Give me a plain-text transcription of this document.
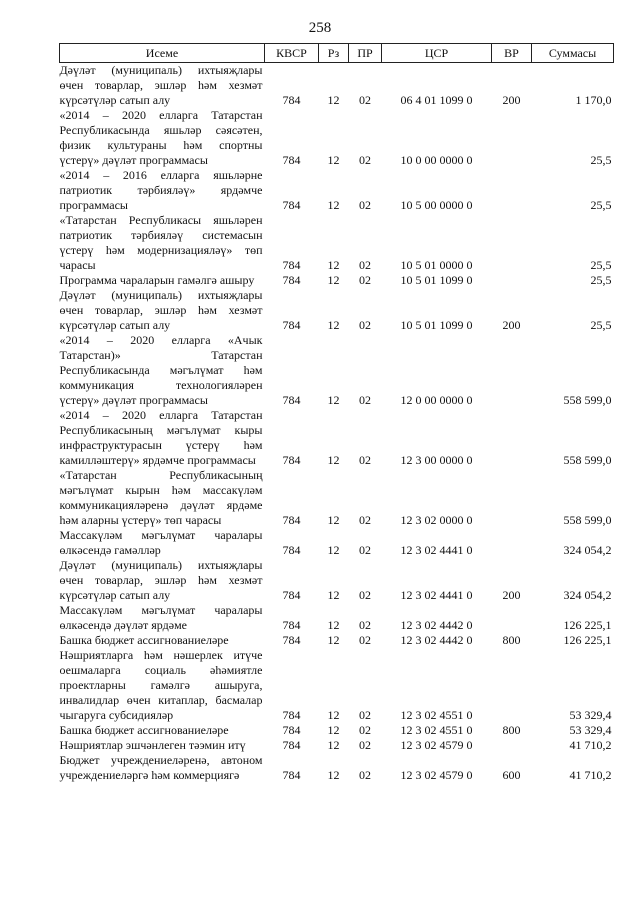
258
Исеме	КВСР	Рз	ПР	ЦСР	ВР	Суммасы
Дәүләт (муниципаль) ихтыяҗлары өчен товарлар, эшләр һәм хезмәт күрсәтүләр сатып алу	784	12	02	06 4 01 1099 0	200	1 170,0
«2014 – 2020 елларга Татарстан Республикасында яшьләр сәясәтен, физик культураны һәм спортны үстерү» дәүләт программасы	784	12	02	10 0 00 0000 0		25,5
«2014 – 2016 елларга яшьләрне патриотик тәрбияләү» ярдәмче программасы	784	12	02	10 5 00 0000 0		25,5
«Татарстан Республикасы яшьләрен патриотик тәрбияләү системасын үстерү һәм модернизацияләү» төп чарасы	784	12	02	10 5 01 0000 0		25,5
Программа чараларын гамәлгә ашыру	784	12	02	10 5 01 1099 0		25,5
Дәүләт (муниципаль) ихтыяҗлары өчен товарлар, эшләр һәм хезмәт күрсәтүләр сатып алу	784	12	02	10 5 01 1099 0	200	25,5
«2014 – 2020 елларга «Ачык Татарстан)» Татарстан Республикасында мәгълүмат һәм коммуникация технологияләрен үстерү» дәүләт программасы	784	12	02	12 0 00 0000 0		558 599,0
«2014 – 2020 елларга Татарстан Республикасының мәгълүмат кыры инфраструктурасын үстерү һәм камилләштерү» ярдәмче программасы	784	12	02	12 3 00 0000 0		558 599,0
«Татарстан Республикасының мәгълүмат кырын һәм массакүләм коммуникацияләренә дәүләт ярдәме һәм аларны үстерү» төп чарасы	784	12	02	12 3 02 0000 0		558 599,0
Массакүләм мәгълүмат чаралары өлкәсендә гамәлләр	784	12	02	12 3 02 4441 0		324 054,2
Дәүләт (муниципаль) ихтыяҗлары өчен товарлар, эшләр һәм хезмәт күрсәтүләр сатып алу	784	12	02	12 3 02 4441 0	200	324 054,2
Массакүләм мәгълүмат чаралары өлкәсендә дәүләт ярдәме	784	12	02	12 3 02 4442 0		126 225,1
Башка бюджет ассигнованиеләре	784	12	02	12 3 02 4442 0	800	126 225,1
Нәшриятларга һәм нәшерлек итүче оешмаларга социаль әһәмиятле проектларны гамәлгә ашыруга, инвалидлар өчен китаплар, басмалар чыгаруга субсидияләр	784	12	02	12 3 02 4551 0		53 329,4
Башка бюджет ассигнованиеләре	784	12	02	12 3 02 4551 0	800	53 329,4
Нәшриятлар эшчәнлеген тәэмин итү	784	12	02	12 3 02 4579 0		41 710,2
Бюджет учреждениеләренә, автоном учреждениеләргә һәм коммерциягә	784	12	02	12 3 02 4579 0	600	41 710,2
